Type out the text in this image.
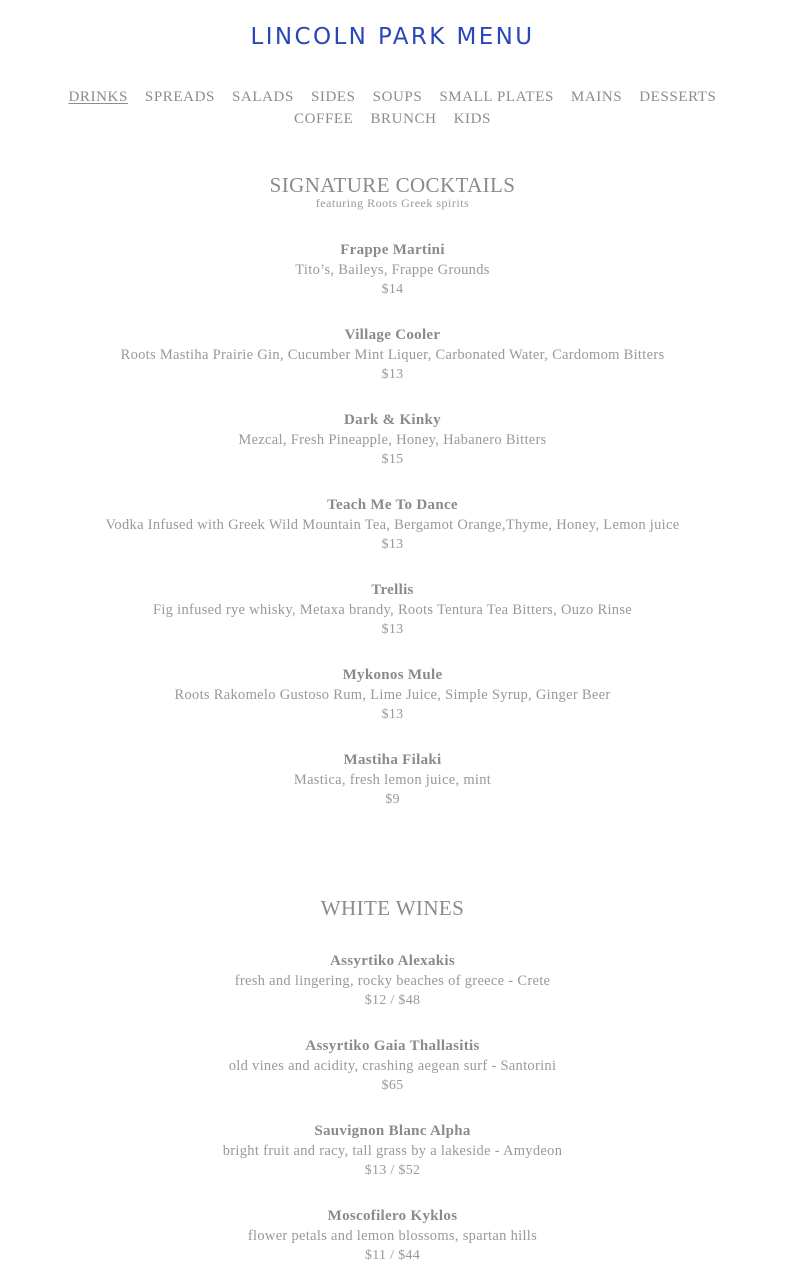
LINCOLN PARK MENU
DRINKS SPREADS SALADS SIDES SOUPS SMALL PLATES MAINS DESSERTS
COFFEE BRUNCH KIDS
SIGNATURE COCKTAILS

featuring Roots Greek spirits

Frappe Martini
Tito’s, Baileys, Frappe Grounds
$14
Village Cooler
Roots Mastiha Prairie Gin, Cucumber Mint Liquer, Carbonated Water, Cardomom Bitters
$13
Dark & Kinky
Mezcal, Fresh Pineapple, Honey, Habanero Bitters
$15
Teach Me To Dance
Vodka Infused with Greek Wild Mountain Tea, Bergamot Orange,Thyme, Honey, Lemon juice
$13
Trellis
Fig infused rye whisky, Metaxa brandy, Roots Tentura Tea Bitters, Ouzo Rinse
$13
Mykonos Mule
Roots Rakomelo Gustoso Rum, Lime Juice, Simple Syrup, Ginger Beer
$13
Mastiha Filaki
Mastica, fresh lemon juice, mint
$9
WHITE WINES
Assyrtiko Alexakis
fresh and lingering, rocky beaches of greece - Crete
$12 / $48
Assyrtiko Gaia Thallasitis
old vines and acidity, crashing aegean surf - Santorini
$65
Sauvignon Blanc Alpha
bright fruit and racy, tall grass by a lakeside - Amydeon
$13 / $52
Moscofilero Kyklos
flower petals and lemon blossoms, spartan hills
$11 / $44
